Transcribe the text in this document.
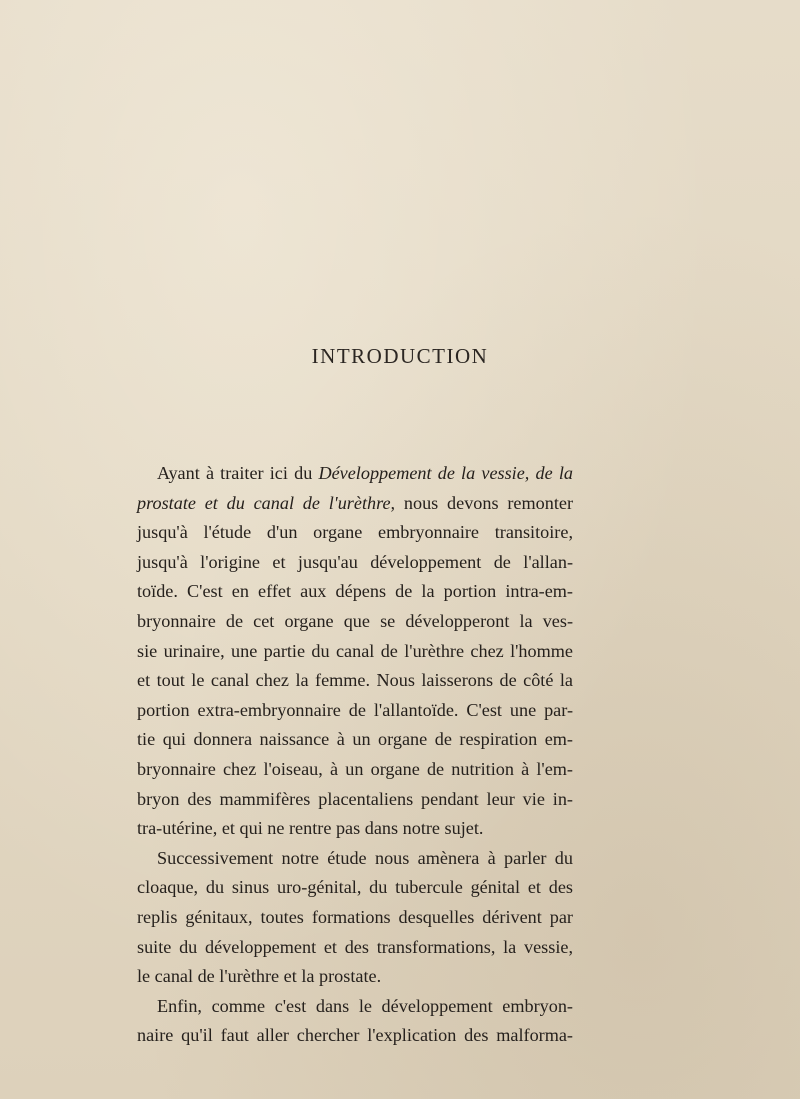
INTRODUCTION
Ayant à traiter ici du Développement de la vessie, de la
prostate et du canal de l'urèthre, nous devons remonter
jusqu'à l'étude d'un organe embryonnaire transitoire,
jusqu'à l'origine et jusqu'au développement de l'allan-
toïde. C'est en effet aux dépens de la portion intra-em-
bryonnaire de cet organe que se développeront la ves-
sie urinaire, une partie du canal de l'urèthre chez l'homme
et tout le canal chez la femme. Nous laisserons de côté la
portion extra-embryonnaire de l'allantoïde. C'est une par-
tie qui donnera naissance à un organe de respiration em-
bryonnaire chez l'oiseau, à un organe de nutrition à l'em-
bryon des mammifères placentaliens pendant leur vie in-
tra-utérine, et qui ne rentre pas dans notre sujet.
Successivement notre étude nous amènera à parler du
cloaque, du sinus uro-génital, du tubercule génital et des
replis génitaux, toutes formations desquelles dérivent par
suite du développement et des transformations, la vessie,
le canal de l'urèthre et la prostate.
Enfin, comme c'est dans le développement embryon-
naire qu'il faut aller chercher l'explication des malforma-
